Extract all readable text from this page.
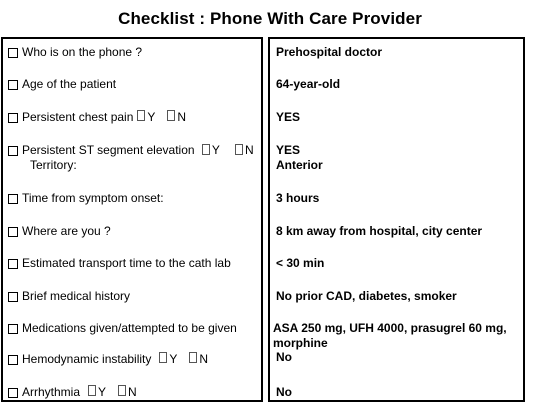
Checklist : Phone With Care Provider
Who is on the phone ?
Age of the patient
Persistent chest pain Y N
Persistent ST segment elevation Y N
Territory:
Time from symptom onset:
Where are you ?
Estimated transport time to the cath lab
Brief medical history
Medications given/attempted to be given
Hemodynamic instability Y N
Arrhythmia Y N
Prehospital doctor
64-year-old
YES
YES
Anterior
3 hours
8 km away from hospital, city center
< 30 min
No prior CAD, diabetes, smoker
ASA 250 mg, UFH 4000, prasugrel 60 mg,
morphine
No
No
